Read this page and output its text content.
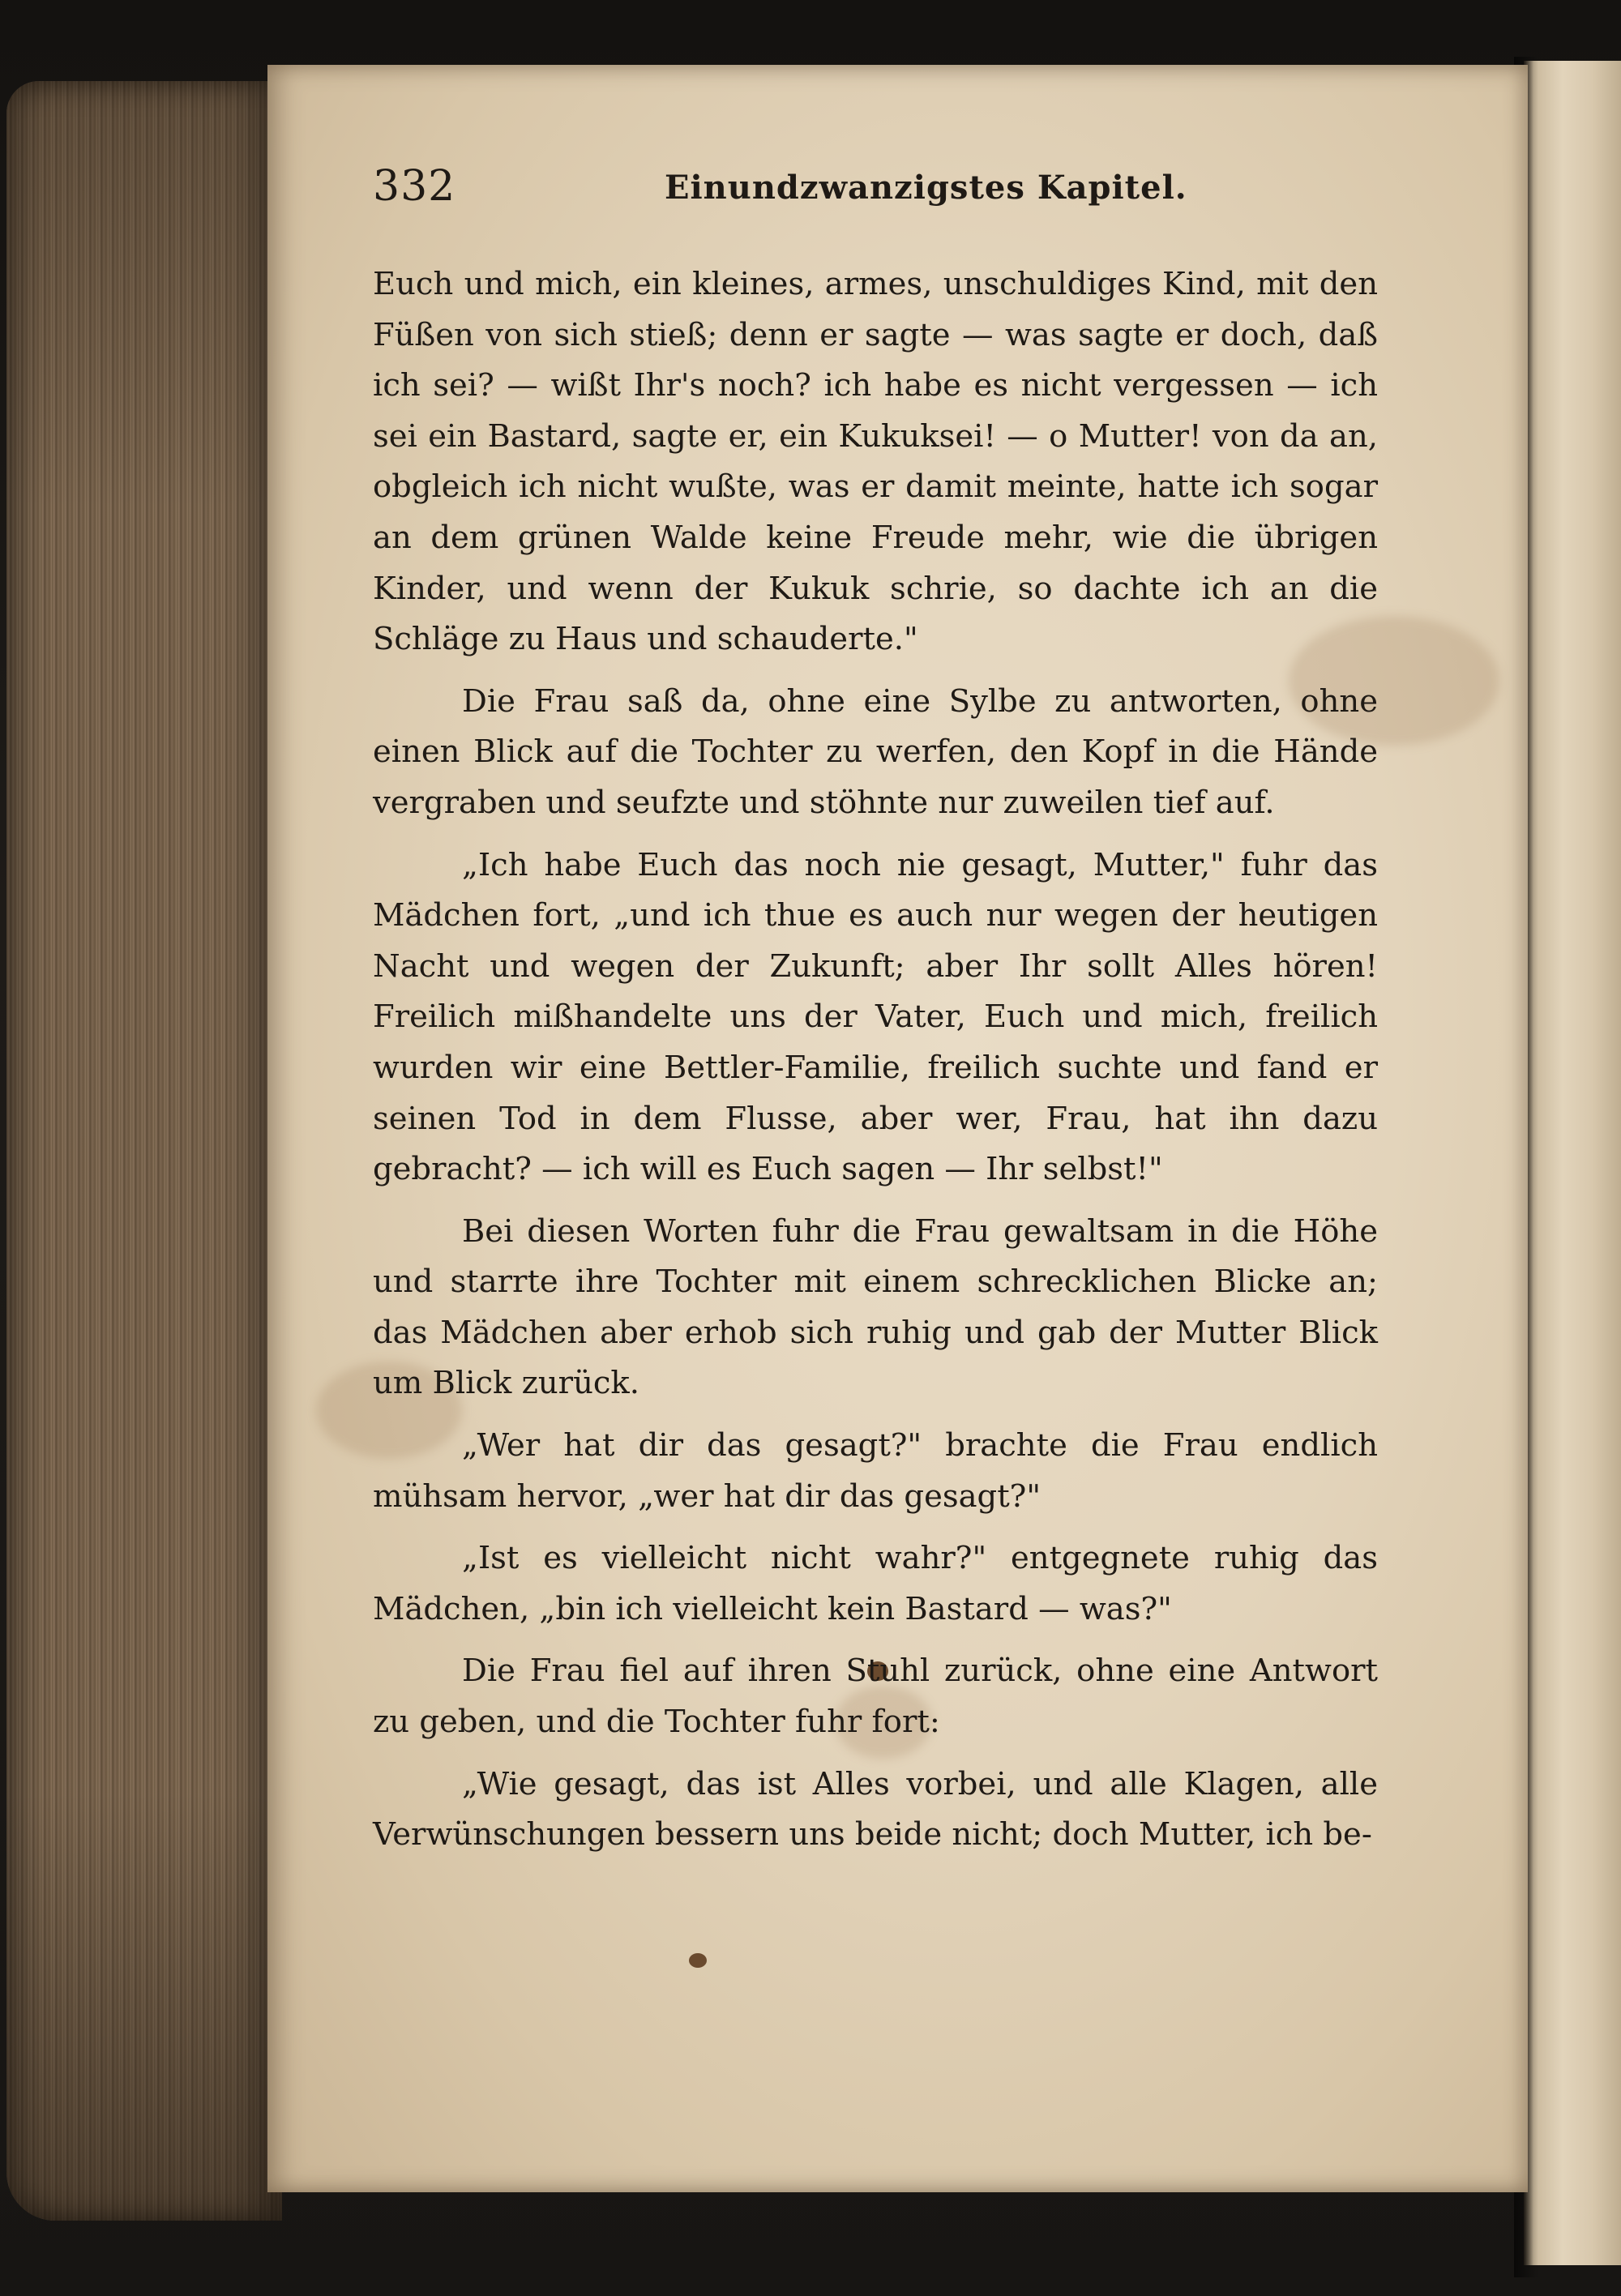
332	Einundzwanzigstes Kapitel.

Euch und mich, ein kleines, armes, unschuldiges Kind, mit den Füßen von sich stieß; denn er sagte — was sagte er doch, daß ich sei? — wißt Ihr's noch? ich habe es nicht vergessen — ich sei ein Bastard, sagte er, ein Kukuksei! — o Mutter! von da an, obgleich ich nicht wußte, was er damit meinte, hatte ich sogar an dem grünen Walde keine Freude mehr, wie die übrigen Kinder, und wenn der Kukuk schrie, so dachte ich an die Schläge zu Haus und schauderte."

Die Frau saß da, ohne eine Sylbe zu antworten, ohne einen Blick auf die Tochter zu werfen, den Kopf in die Hände vergraben und seufzte und stöhnte nur zuweilen tief auf.

„Ich habe Euch das noch nie gesagt, Mutter," fuhr das Mädchen fort, „und ich thue es auch nur wegen der heutigen Nacht und wegen der Zukunft; aber Ihr sollt Alles hören! Freilich mißhandelte uns der Vater, Euch und mich, freilich wurden wir eine Bettler-Familie, freilich suchte und fand er seinen Tod in dem Flusse, aber wer, Frau, hat ihn dazu gebracht? — ich will es Euch sagen — Ihr selbst!"

Bei diesen Worten fuhr die Frau gewaltsam in die Höhe und starrte ihre Tochter mit einem schrecklichen Blicke an; das Mädchen aber erhob sich ruhig und gab der Mutter Blick um Blick zurück.

„Wer hat dir das gesagt?" brachte die Frau endlich mühsam hervor, „wer hat dir das gesagt?"

„Ist es vielleicht nicht wahr?" entgegnete ruhig das Mädchen, „bin ich vielleicht kein Bastard — was?"

Die Frau fiel auf ihren Stuhl zurück, ohne eine Antwort zu geben, und die Tochter fuhr fort:

„Wie gesagt, das ist Alles vorbei, und alle Klagen, alle Verwünschungen bessern uns beide nicht; doch Mutter, ich be-
